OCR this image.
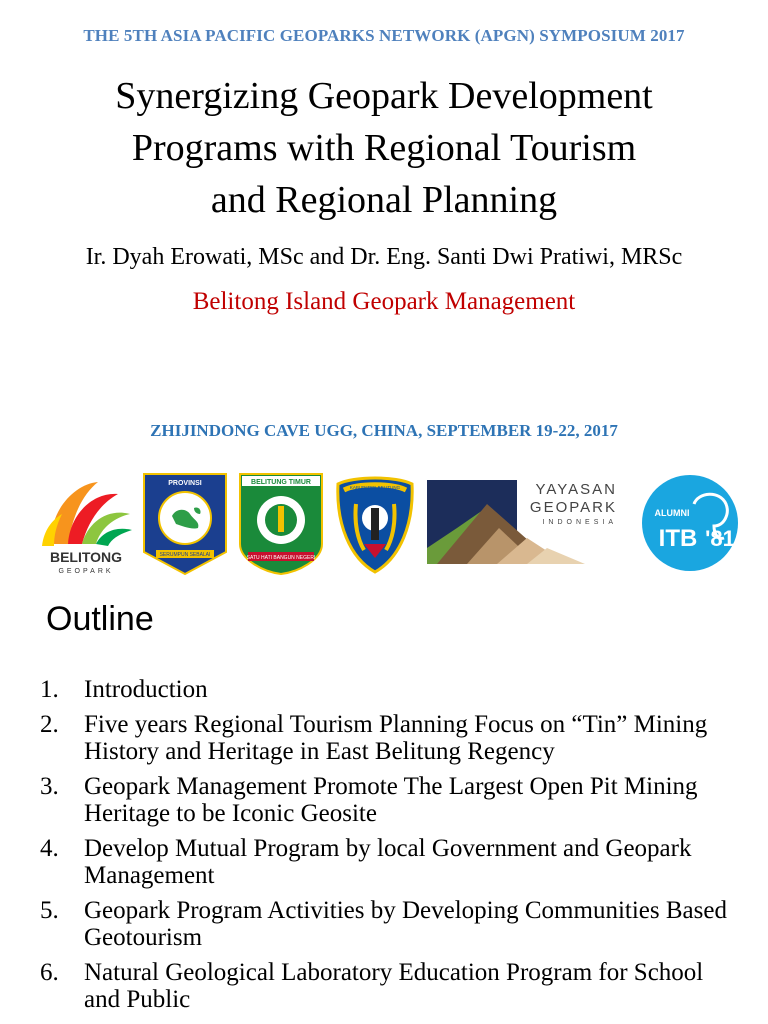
THE 5TH ASIA PACIFIC GEOPARKS NETWORK (APGN) SYMPOSIUM 2017
Synergizing Geopark Development
Programs with Regional Tourism
and Regional Planning
Ir. Dyah Erowati, MSc and Dr. Eng. Santi Dwi Pratiwi, MRSc
Belitong Island Geopark Management
ZHIJINDONG CAVE UGG, CHINA, SEPTEMBER 19-22, 2017
BELITONG
GEOPARK
PROVINSI
SERUMPUN SEBALAI
BELITUNG TIMUR
SATU HATI BANGUN NEGERI
KABUPATEN BELITUNG	YAYASAN
GEOPARK
INDONESIA
ALUMNI
ITB '81
Outline
1. Introduction
2. Five years Regional Tourism Planning Focus on “Tin” Mining History and Heritage in East Belitung Regency
3. Geopark Management Promote The Largest Open Pit Mining Heritage to be Iconic Geosite
4. Develop Mutual Program by local Government and Geopark Management
5. Geopark Program Activities by Developing Communities Based Geotourism
6. Natural Geological Laboratory Education Program for School and Public
